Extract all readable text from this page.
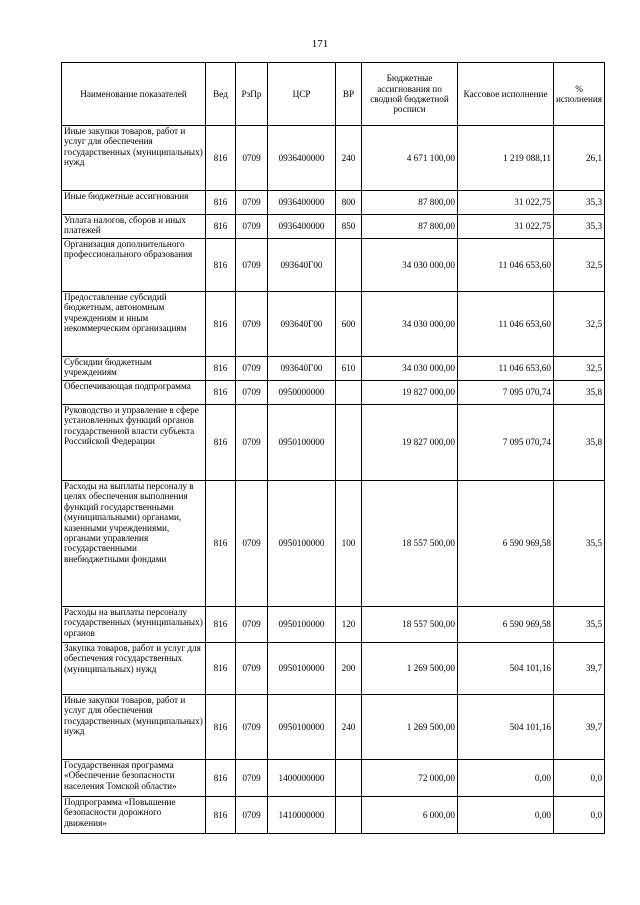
171
Наименование показателей	Вед	РзПр	ЦСР	ВР	Бюджетные ассигнования по сводной бюджетной росписи	Кассовое исполнение	% исполнения
Иные закупки товаров, работ и услуг для обеспечения государственных (муниципальных) нужд	816	0709	0936400000	240	4 671 100,00	1 219 088,11	26,1
Иные бюджетные ассигнования	816	0709	0936400000	800	87 800,00	31 022,75	35,3
Уплата налогов, сборов и иных платежей	816	0709	0936400000	850	87 800,00	31 022,75	35,3
Организация дополнительного профессионального образования	816	0709	093640Г00		34 030 000,00	11 046 653,60	32,5
Предоставление субсидий бюджетным, автономным учреждениям и иным некоммерческим организациям	816	0709	093640Г00	600	34 030 000,00	11 046 653,60	32,5
Субсидии бюджетным учреждениям	816	0709	093640Г00	610	34 030 000,00	11 046 653,60	32,5
Обеспечивающая подпрограмма	816	0709	0950000000		19 827 000,00	7 095 070,74	35,8
Руководство и управление в сфере установленных функций органов государственной власти субъекта Российской Федерации	816	0709	0950100000		19 827 000,00	7 095 070,74	35,8
Расходы на выплаты персоналу в целях обеспечения выполнения функций государственными (муниципальными) органами, казенными учреждениями, органами управления государственными внебюджетными фондами	816	0709	0950100000	100	18 557 500,00	6 590 969,58	35,5
Расходы на выплаты персоналу государственных (муниципальных) органов	816	0709	0950100000	120	18 557 500,00	6 590 969,58	35,5
Закупка товаров, работ и услуг для обеспечения государственных (муниципальных) нужд	816	0709	0950100000	200	1 269 500,00	504 101,16	39,7
Иные закупки товаров, работ и услуг для обеспечения государственных (муниципальных) нужд	816	0709	0950100000	240	1 269 500,00	504 101,16	39,7
Государственная программа «Обеспечение безопасности населения Томской области»	816	0709	1400000000		72 000,00	0,00	0,0
Подпрограмма «Повышение безопасности дорожного движения»	816	0709	1410000000		6 000,00	0,00	0,0
